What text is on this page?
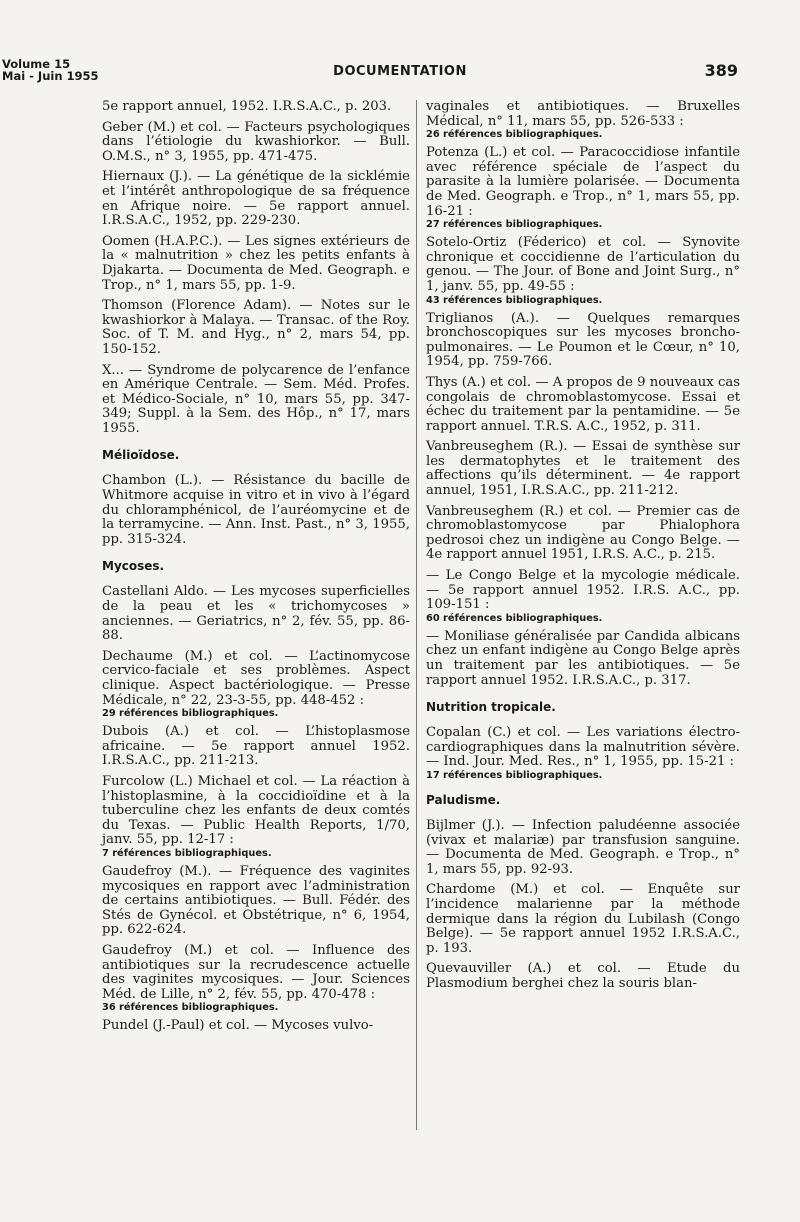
Volume 15
Mai - Juin 1955	DOCUMENTATION	389
5e rapport annuel, 1952. I.R.S.A.C., p. 203.
Geber (M.) et col. — Facteurs psychologiques dans l’étiologie du kwashiorkor. — Bull. O.M.S., n° 3, 1955, pp. 471-475.
Hiernaux (J.). — La génétique de la sicklémie et l’intérêt anthropologique de sa fréquence en Afrique noire. — 5e rapport annuel. I.R.S.A.C., 1952, pp. 229-230.
Oomen (H.A.P.C.). — Les signes extérieurs de la « malnutrition » chez les petits enfants à Djakarta. — Documenta de Med. Geograph. e Trop., n° 1, mars 55, pp. 1-9.
Thomson (Florence Adam). — Notes sur le kwashiorkor à Malaya. — Transac. of the Roy. Soc. of T. M. and Hyg., n° 2, mars 54, pp. 150-152.
X... — Syndrome de polycarence de l’enfance en Amérique Centrale. — Sem. Méd. Profes. et Médico-Sociale, n° 10, mars 55, pp. 347-349; Suppl. à la Sem. des Hôp., n° 17, mars 1955.
Mélioïdose.
Chambon (L.). — Résistance du bacille de Whitmore acquise in vitro et in vivo à l’égard du chloramphénicol, de l’auréomycine et de la terramycine. — Ann. Inst. Past., n° 3, 1955, pp. 315-324.
Mycoses.
Castellani Aldo. — Les mycoses superficielles de la peau et les « trichomycoses » anciennes. — Geriatrics, n° 2, fév. 55, pp. 86-88.
Dechaume (M.) et col. — L’actinomycose cervico-faciale et ses problèmes. Aspect clinique. Aspect bactériologique. — Presse Médicale, n° 22, 23-3-55, pp. 448-452 :
29 références bibliographiques.
Dubois (A.) et col. — L’histoplasmose africaine. — 5e rapport annuel 1952. I.R.S.A.C., pp. 211-213.
Furcolow (L.) Michael et col. — La réaction à l’histoplasmine, à la coccidioïdine et à la tuberculine chez les enfants de deux comtés du Texas. — Public Health Reports, 1/70, janv. 55, pp. 12-17 :
7 références bibliographiques.
Gaudefroy (M.). — Fréquence des vaginites mycosiques en rapport avec l’administration de certains antibiotiques. — Bull. Fédér. des Stés de Gynécol. et Obstétrique, n° 6, 1954, pp. 622-624.
Gaudefroy (M.) et col. — Influence des antibiotiques sur la recrudescence actuelle des vaginites mycosiques. — Jour. Sciences Méd. de Lille, n° 2, fév. 55, pp. 470-478 :
36 références bibliographiques.
Pundel (J.-Paul) et col. — Mycoses vulvo-
vaginales et antibiotiques. — Bruxelles Médical, n° 11, mars 55, pp. 526-533 :
26 références bibliographiques.
Potenza (L.) et col. — Paracoccidiose infantile avec référence spéciale de l’aspect du parasite à la lumière polarisée. — Documenta de Med. Geograph. e Trop., n° 1, mars 55, pp. 16-21 :
27 références bibliographiques.
Sotelo-Ortiz (Féderico) et col. — Synovite chronique et coccidienne de l’articulation du genou. — The Jour. of Bone and Joint Surg., n° 1, janv. 55, pp. 49-55 :
43 références bibliographiques.
Triglianos (A.). — Quelques remarques bronchoscopiques sur les mycoses broncho-pulmonaires. — Le Poumon et le Cœur, n° 10, 1954, pp. 759-766.
Thys (A.) et col. — A propos de 9 nouveaux cas congolais de chromoblastomycose. Essai et échec du traitement par la pentamidine. — 5e rapport annuel. T.R.S. A.C., 1952, p. 311.
Vanbreuseghem (R.). — Essai de synthèse sur les dermatophytes et le traitement des affections qu’ils déterminent. — 4e rapport annuel, 1951, I.R.S.A.C., pp. 211-212.
Vanbreuseghem (R.) et col. — Premier cas de chromoblastomycose par Phialophora pedrosoi chez un indigène au Congo Belge. — 4e rapport annuel 1951, I.R.S. A.C., p. 215.
— Le Congo Belge et la mycologie médicale. — 5e rapport annuel 1952. I.R.S. A.C., pp. 109-151 :
60 références bibliographiques.
— Moniliase généralisée par Candida albicans chez un enfant indigène au Congo Belge après un traitement par les antibiotiques. — 5e rapport annuel 1952. I.R.S.A.C., p. 317.
Nutrition tropicale.
Copalan (C.) et col. — Les variations électro-cardiographiques dans la malnutrition sévère. — Ind. Jour. Med. Res., n° 1, 1955, pp. 15-21 :
17 références bibliographiques.
Paludisme.
Bijlmer (J.). — Infection paludéenne associée (vivax et malariæ) par transfusion sanguine. — Documenta de Med. Geograph. e Trop., n° 1, mars 55, pp. 92-93.
Chardome (M.) et col. — Enquête sur l’incidence malarienne par la méthode dermique dans la région du Lubilash (Congo Belge). — 5e rapport annuel 1952 I.R.S.A.C., p. 193.
Quevauviller (A.) et col. — Etude du Plasmodium berghei chez la souris blan-
